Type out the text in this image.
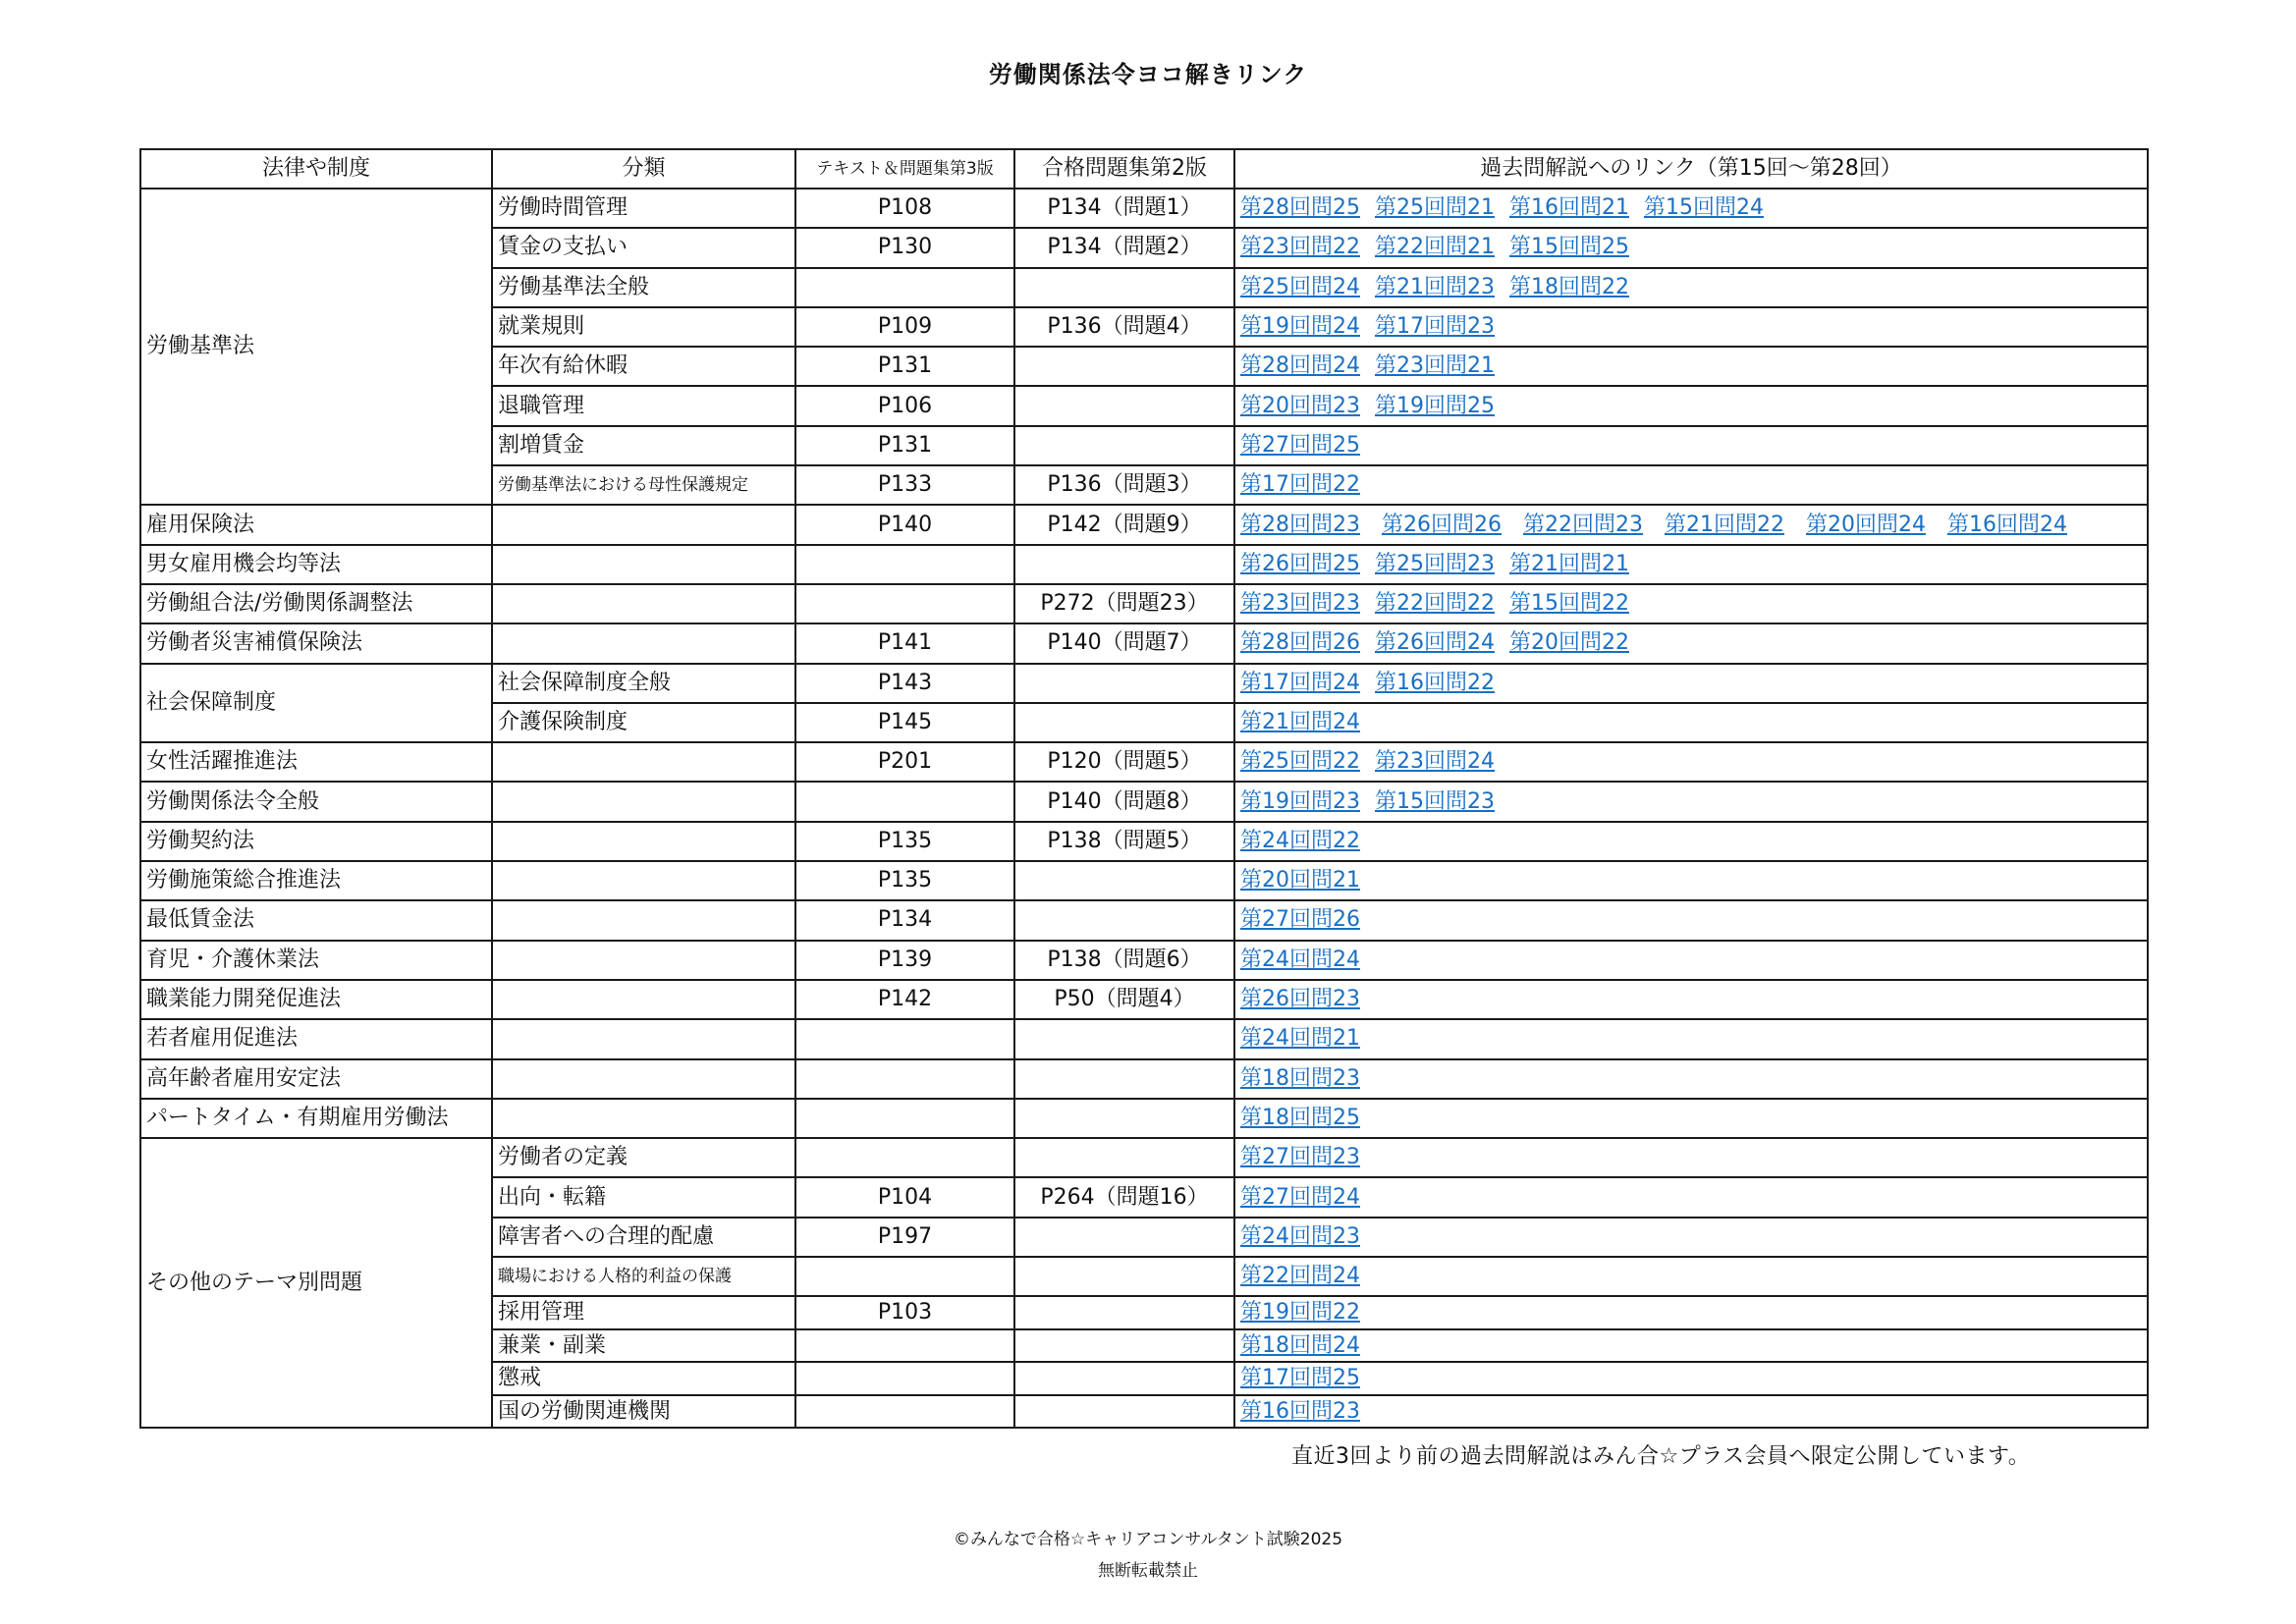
労働関係法令ヨコ解きリンク
法律や制度	分類	テキスト＆問題集第3版	合格問題集第2版	過去問解説へのリンク（第15回～第28回）
労働基準法	労働時間管理	P108	P134（問題1）	第28回問25 第25回問21 第16回問21 第15回問24
	賃金の支払い	P130	P134（問題2）	第23回問22 第22回問21 第15回問25
	労働基準法全般			第25回問24 第21回問23 第18回問22
	就業規則	P109	P136（問題4）	第19回問24 第17回問23
	年次有給休暇	P131		第28回問24 第23回問21
	退職管理	P106		第20回問23 第19回問25
	割増賃金	P131		第27回問25
	労働基準法における母性保護規定	P133	P136（問題3）	第17回問22
雇用保険法		P140	P142（問題9）	第28回問23 第26回問26 第22回問23 第21回問22 第20回問24 第16回問24
男女雇用機会均等法				第26回問25 第25回問23 第21回問21
労働組合法/労働関係調整法			P272（問題23）	第23回問23 第22回問22 第15回問22
労働者災害補償保険法		P141	P140（問題7）	第28回問26 第26回問24 第20回問22
社会保障制度	社会保障制度全般	P143		第17回問24 第16回問22
	介護保険制度	P145		第21回問24
女性活躍推進法		P201	P120（問題5）	第25回問22 第23回問24
労働関係法令全般			P140（問題8）	第19回問23 第15回問23
労働契約法		P135	P138（問題5）	第24回問22
労働施策総合推進法		P135		第20回問21
最低賃金法		P134		第27回問26
育児・介護休業法		P139	P138（問題6）	第24回問24
職業能力開発促進法		P142	P50（問題4）	第26回問23
若者雇用促進法				第24回問21
高年齢者雇用安定法				第18回問23
パートタイム・有期雇用労働法				第18回問25
その他のテーマ別問題	労働者の定義			第27回問23
	出向・転籍	P104	P264（問題16）	第27回問24
	障害者への合理的配慮	P197		第24回問23
	職場における人格的利益の保護			第22回問24
	採用管理	P103		第19回問22
	兼業・副業			第18回問24
	懲戒			第17回問25
	国の労働関連機関			第16回問23
直近3回より前の過去問解説はみん合☆プラス会員へ限定公開しています。
©みんなで合格☆キャリアコンサルタント試験2025
無断転載禁止
